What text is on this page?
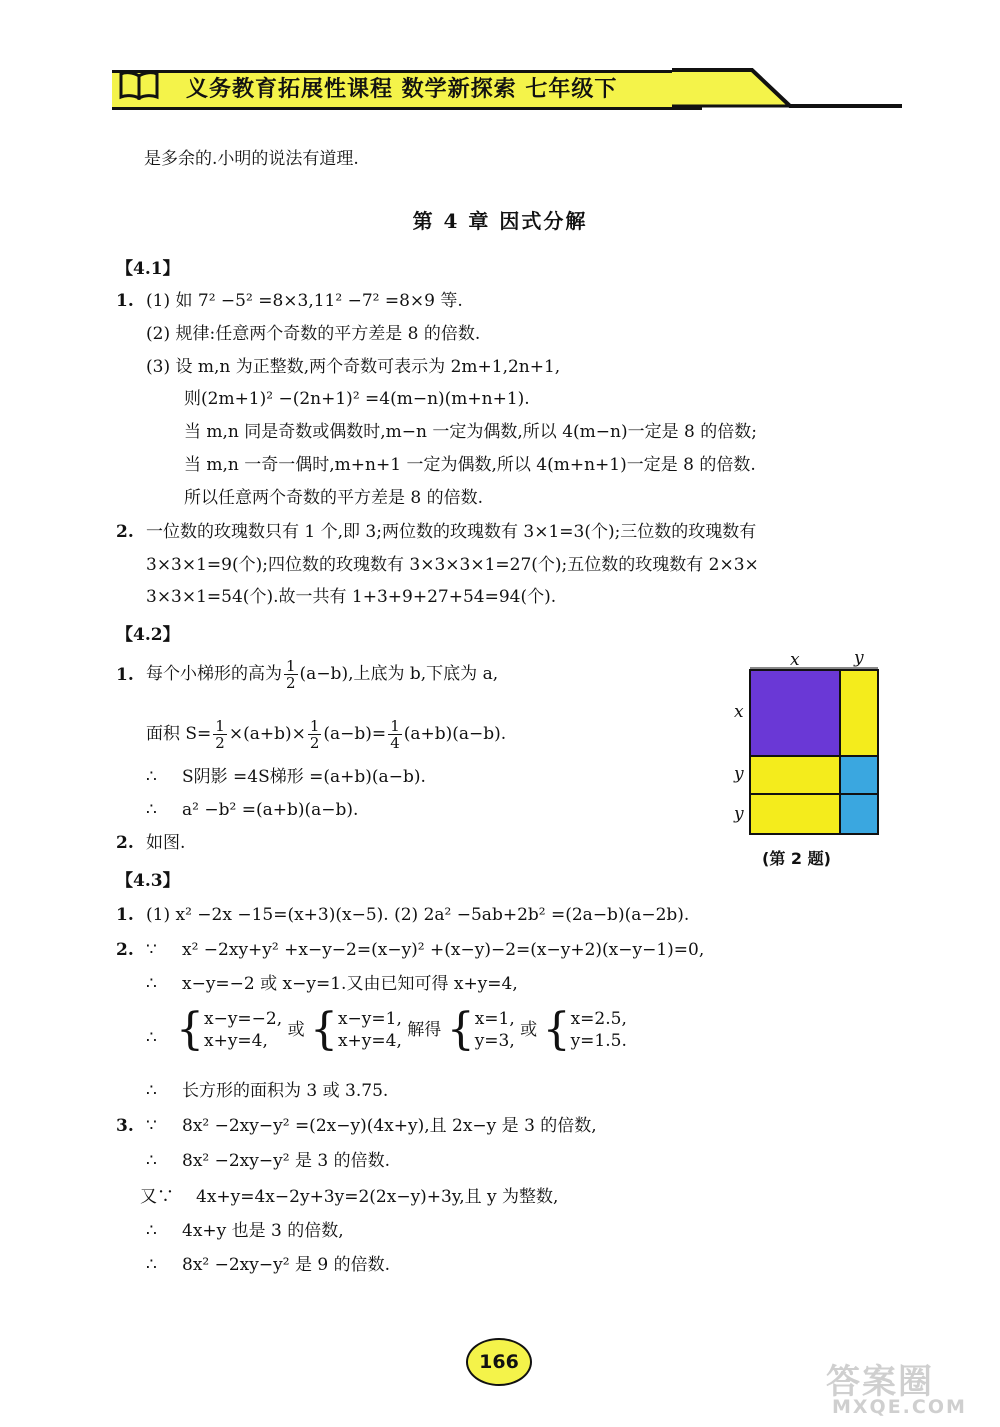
义务教育拓展性课程 数学新探索 七年级下
是多余的.小明的说法有道理.
第 4 章 因式分解
【4.1】
1. (1) 如 7² −5² =8×3,11² −7² =8×9 等.
(2) 规律:任意两个奇数的平方差是 8 的倍数.
(3) 设 m,n 为正整数,两个奇数可表示为 2m+1,2n+1,
则(2m+1)² −(2n+1)² =4(m−n)(m+n+1).
当 m,n 同是奇数或偶数时,m−n 一定为偶数,所以 4(m−n)一定是 8 的倍数;
当 m,n 一奇一偶时,m+n+1 一定为偶数,所以 4(m+n+1)一定是 8 的倍数.
所以任意两个奇数的平方差是 8 的倍数.
2. 一位数的玫瑰数只有 1 个,即 3;两位数的玫瑰数有 3×1=3(个);三位数的玫瑰数有
3×3×1=9(个);四位数的玫瑰数有 3×3×3×1=27(个);五位数的玫瑰数有 2×3×
3×3×1=54(个).故一共有 1+3+9+27+54=94(个).
【4.2】
1. 每个小梯形的高为 $\frac{1}{2} (a-b)$,上底为 b,下底为 a,
面积 $S= \frac{1}{2} \times(a+b)\times \frac{1}{2} (a-b)= \frac{1}{4} (a+b)(a-b)$.
∴ S阴影 =4S梯形 =(a+b)(a−b).
∴ a² −b² =(a+b)(a−b).
2. 如图.
x	y
x
y
y
(第 2 题)
【4.3】
1. (1) x² −2x −15=(x+3)(x−5). (2) 2a² −5ab+2b² =(2a−b)(a−2b).
2. ∵ x² −2xy+y² +x−y−2=(x−y)² +(x−y)−2=(x−y+2)(x−y−1)=0,
∴ x−y=−2 或 x−y=1.又由已知可得 x+y=4,
∴ { x−y=−2,
x+y=4,
或 { x−y=1,
x+y=4,
解得 { x=1,
y=3,
或 { x=2.5,
y=1.5.
∴ 长方形的面积为 3 或 3.75.
3. ∵ 8x² −2xy−y² =(2x−y)(4x+y),且 2x−y 是 3 的倍数,
∴ 8x² −2xy−y² 是 3 的倍数.
又∵ 4x+y=4x−2y+3y=2(2x−y)+3y,且 y 为整数,
∴ 4x+y 也是 3 的倍数,
∴ 8x² −2xy−y² 是 9 的倍数.
166	答案圈
MXQE.COM
